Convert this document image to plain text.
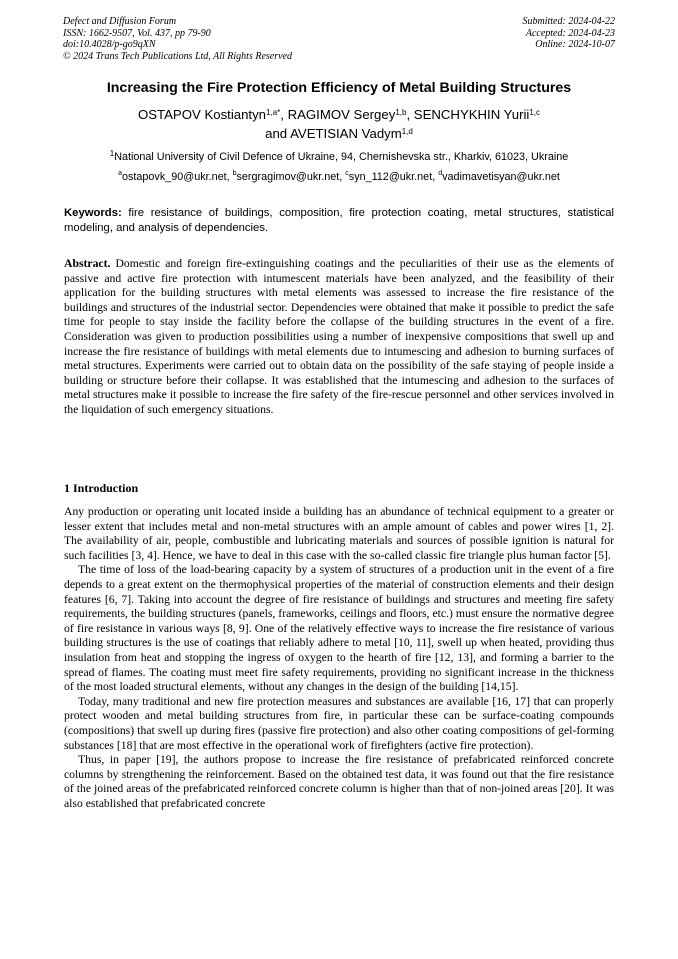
Defect and Diffusion Forum
ISSN: 1662-9507, Vol. 437, pp 79-90
doi:10.4028/p-go9qXN
© 2024 Trans Tech Publications Ltd, All Rights Reserved
Submitted: 2024-04-22
Accepted: 2024-04-23
Online: 2024-10-07
Increasing the Fire Protection Efficiency of Metal Building Structures
OSTAPOV Kostiantyn$^{1,a*}$, RAGIMOV Sergey$^{1,b}$, SENCHYKHIN Yurii$^{1,c}$
and AVETISIAN Vadym$^{1,d}$
$^1$National University of Civil Defence of Ukraine, 94, Chernishevska str., Kharkiv, 61023, Ukraine
$^a$ostapovk_90@ukr.net, $^b$sergragimov@ukr.net, $^c$syn_112@ukr.net, $^d$vadimavetisyan@ukr.net
Keywords: fire resistance of buildings, composition, fire protection coating, metal structures, statistical modeling, and analysis of dependencies.
Abstract. Domestic and foreign fire-extinguishing coatings and the peculiarities of their use as the elements of passive and active fire protection with intumescent materials have been analyzed, and the feasibility of their application for the building structures with metal elements was assessed to increase the fire resistance of the buildings and structures of the industrial sector. Dependencies were obtained that make it possible to predict the safe time for people to stay inside the facility before the collapse of the building structures in the event of a fire. Consideration was given to production possibilities using a number of inexpensive compositions that swell up and increase the fire resistance of buildings with metal elements due to intumescing and adhesion to burning surfaces of metal structures. Experiments were carried out to obtain data on the possibility of the safe staying of people inside a building or structure before their collapse. It was established that the intumescing and adhesion to the surfaces of metal structures make it possible to increase the fire safety of the fire-rescue personnel and other services involved in the liquidation of such emergency situations.
1 Introduction

Any production or operating unit located inside a building has an abundance of technical equipment to a greater or lesser extent that includes metal and non-metal structures with an ample amount of cables and power wires [1, 2]. The availability of air, people, combustible and lubricating materials and sources of possible ignition is natural for such facilities [3, 4]. Hence, we have to deal in this case with the so-called classic fire triangle plus human factor [5].

The time of loss of the load-bearing capacity by a system of structures of a production unit in the event of a fire depends to a great extent on the thermophysical properties of the material of construction elements and their design features [6, 7]. Taking into account the degree of fire resistance of buildings and structures and meeting fire safety requirements, the building structures (panels, frameworks, ceilings and floors, etc.) must ensure the normative degree of fire resistance in various ways [8, 9]. One of the relatively effective ways to increase the fire resistance of various building structures is the use of coatings that reliably adhere to metal [10, 11], swell up when heated, providing thus insulation from heat and stopping the ingress of oxygen to the hearth of fire [12, 13], and forming a barrier to the spread of flames. The coating must meet fire safety requirements, providing no significant increase in the thickness of the most loaded structural elements, without any changes in the design of the building [14,15].

Today, many traditional and new fire protection measures and substances are available [16, 17] that can properly protect wooden and metal building structures from fire, in particular these can be surface-coating compounds (compositions) that swell up during fires (passive fire protection) and also other coating compositions of gel-forming substances [18] that are most effective in the operational work of firefighters (active fire protection).

Thus, in paper [19], the authors propose to increase the fire resistance of prefabricated reinforced concrete columns by strengthening the reinforcement. Based on the obtained test data, it was found out that the fire resistance of the joined areas of the prefabricated reinforced concrete column is higher than that of non-joined areas [20]. It was also established that prefabricated concrete
